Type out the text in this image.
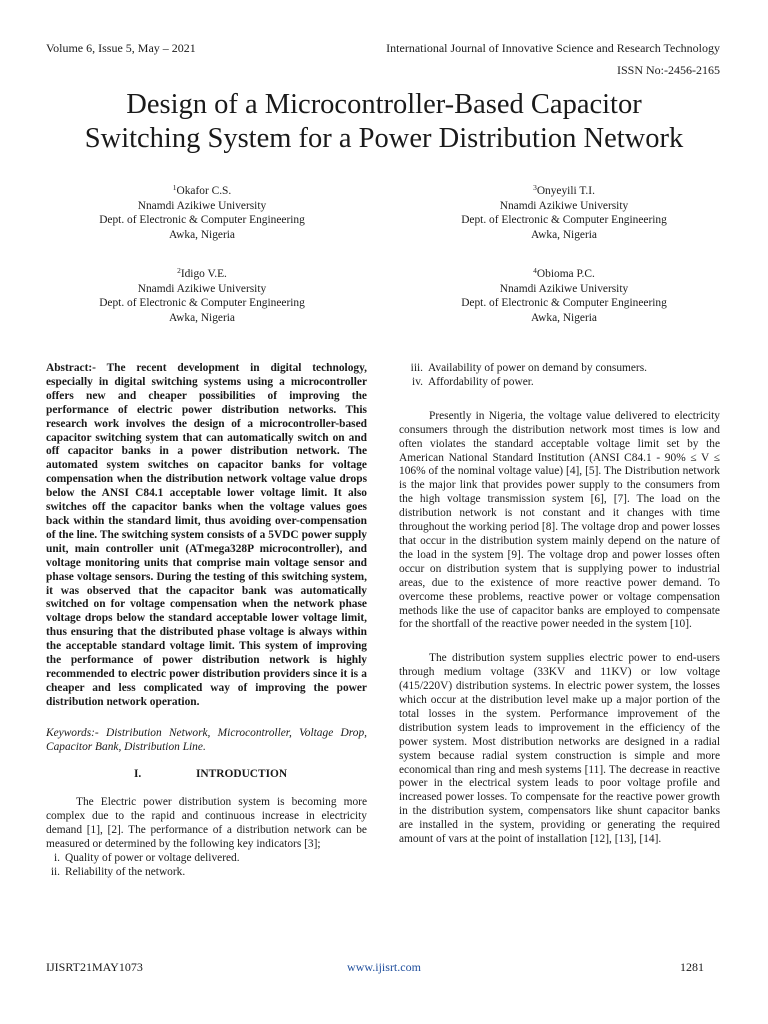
Volume 6, Issue 5, May – 2021	International Journal of Innovative Science and Research Technology
ISSN No:-2456-2165
Design of a Microcontroller-Based Capacitor
Switching System for a Power Distribution Network
$^1$Okafor C.S.
Nnamdi Azikiwe University
Dept. of Electronic & Computer Engineering
Awka, Nigeria
$^3$Onyeyili T.I.
Nnamdi Azikiwe University
Dept. of Electronic & Computer Engineering
Awka, Nigeria
$^2$Idigo V.E.
Nnamdi Azikiwe University
Dept. of Electronic & Computer Engineering
Awka, Nigeria
$^4$Obioma P.C.
Nnamdi Azikiwe University
Dept. of Electronic & Computer Engineering
Awka, Nigeria

Abstract:- The recent development in digital technology, especially in digital switching systems using a microcontroller offers new and cheaper possibilities of improving the performance of electric power distribution networks. This research work involves the design of a microcontroller-based capacitor switching system that can automatically switch on and off capacitor banks in a power distribution network. The automated system switches on capacitor banks for voltage compensation when the distribution network voltage value drops below the ANSI C84.1 acceptable lower voltage limit. It also switches off the capacitor banks when the voltage values goes back within the standard limit, thus avoiding over-compensation of the line. The switching system consists of a 5VDC power supply unit, main controller unit (ATmega328P microcontroller), and voltage monitoring units that comprise main voltage sensor and phase voltage sensors. During the testing of this switching system, it was observed that the capacitor bank was automatically switched on for voltage compensation when the network phase voltage drops below the standard acceptable lower voltage limit, thus ensuring that the distributed phase voltage is always within the acceptable standard voltage limit. This system of improving the performance of power distribution network is highly recommended to electric power distribution providers since it is a cheaper and less complicated way of improving the power distribution network operation.

Keywords:- Distribution Network, Microcontroller, Voltage Drop, Capacitor Bank, Distribution Line.

I.	INTRODUCTION

The Electric power distribution system is becoming more complex due to the rapid and continuous increase in electricity demand [1], [2]. The performance of a distribution network can be measured or determined by the following key indicators [3];

i. Quality of power or voltage delivered.
ii. Reliability of the network.
iii. Availability of power on demand by consumers.
iv. Affordability of power.

Presently in Nigeria, the voltage value delivered to electricity consumers through the distribution network most times is low and often violates the standard acceptable voltage limit set by the American National Standard Institution (ANSI C84.1 - 90% ≤ V ≤ 106% of the nominal voltage value) [4], [5]. The Distribution network is the major link that provides power supply to the consumers from the high voltage transmission system [6], [7]. The load on the distribution network is not constant and it changes with time throughout the working period [8]. The voltage drop and power losses that occur in the distribution system mainly depend on the nature of the load in the system [9]. The voltage drop and power losses often occur on distribution system that is supplying power to industrial areas, due to the existence of more reactive power demand. To overcome these problems, reactive power or voltage compensation methods like the use of capacitor banks are employed to compensate for the shortfall of the reactive power needed in the system [10].

The distribution system supplies electric power to end-users through medium voltage (33KV and 11KV) or low voltage (415/220V) distribution systems. In electric power system, the losses which occur at the distribution level make up a major portion of the total losses in the system. Performance improvement of the distribution system leads to improvement in the efficiency of the power system. Most distribution networks are designed in a radial system because radial system construction is simple and more economical than ring and mesh systems [11]. The decrease in reactive power in the electrical system leads to poor voltage profile and increased power losses. To compensate for the reactive power growth in the distribution system, compensators like shunt capacitor banks are installed in the system, providing or generating the required amount of vars at the point of installation [12], [13], [14].

IJISRT21MAY1073	www.ijisrt.com	1281
